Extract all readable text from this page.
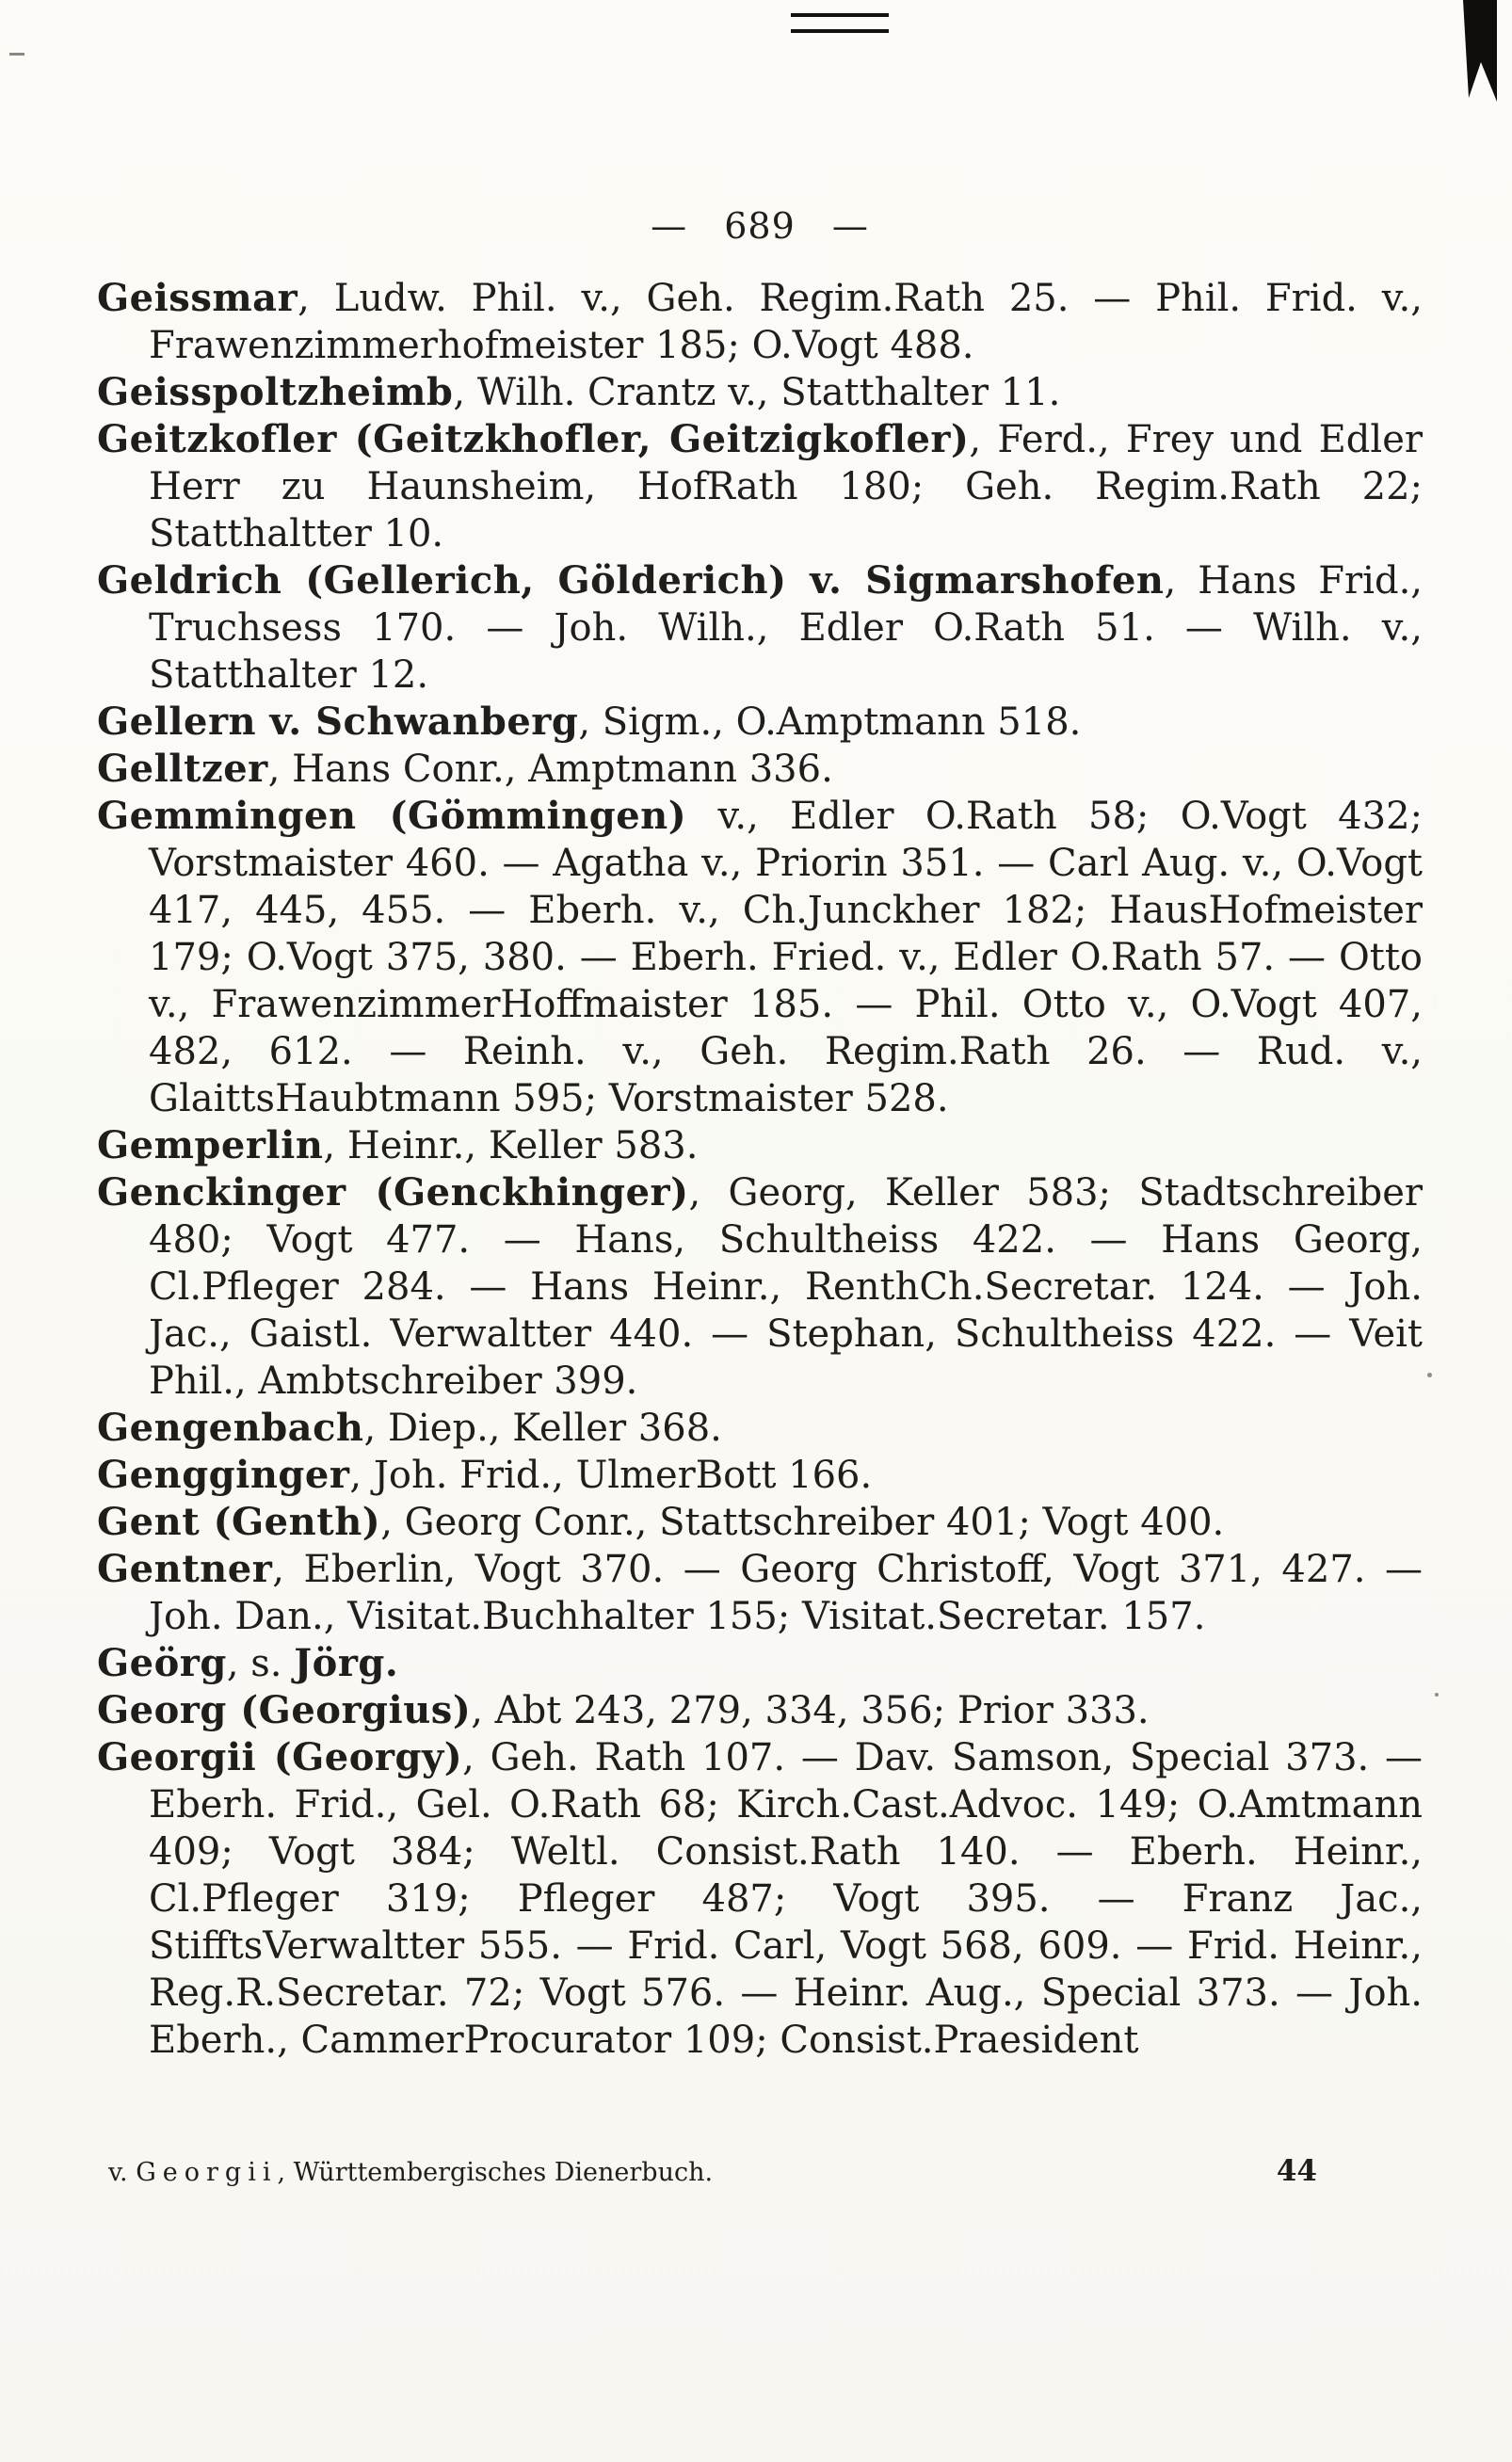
— 689 —

Geissmar, Ludw. Phil. v., Geh. Regim.Rath 25. — Phil. Frid. v., Frawenzimmerhofmeister 185; O.Vogt 488.

Geisspoltzheimb, Wilh. Crantz v., Statthalter 11.

Geitzkofler (Geitzkhofler, Geitzigkofler), Ferd., Frey und Edler Herr zu Haunsheim, HofRath 180; Geh. Regim.Rath 22; Statthaltter 10.

Geldrich (Gellerich, Gölderich) v. Sigmarshofen, Hans Frid., Truchsess 170. — Joh. Wilh., Edler O.Rath 51. — Wilh. v., Statthalter 12.

Gellern v. Schwanberg, Sigm., O.Amptmann 518.

Gelltzer, Hans Conr., Amptmann 336.

Gemmingen (Gömmingen) v., Edler O.Rath 58; O.Vogt 432; Vorstmaister 460. — Agatha v., Priorin 351. — Carl Aug. v., O.Vogt 417, 445, 455. — Eberh. v., Ch.Junckher 182; HausHofmeister 179; O.Vogt 375, 380. — Eberh. Fried. v., Edler O.Rath 57. — Otto v., FrawenzimmerHoffmaister 185. — Phil. Otto v., O.Vogt 407, 482, 612. — Reinh. v., Geh. Regim.Rath 26. — Rud. v., GlaittsHaubtmann 595; Vorstmaister 528.

Gemperlin, Heinr., Keller 583.

Genckinger (Genckhinger), Georg, Keller 583; Stadtschreiber 480; Vogt 477. — Hans, Schultheiss 422. — Hans Georg, Cl.Pfleger 284. — Hans Heinr., RenthCh.Secretar. 124. — Joh. Jac., Gaistl. Verwaltter 440. — Stephan, Schultheiss 422. — Veit Phil., Ambtschreiber 399.

Gengenbach, Diep., Keller 368.

Gengginger, Joh. Frid., UlmerBott 166.

Gent (Genth), Georg Conr., Stattschreiber 401; Vogt 400.

Gentner, Eberlin, Vogt 370. — Georg Christoff, Vogt 371, 427. — Joh. Dan., Visitat.Buchhalter 155; Visitat.Secretar. 157.

Geörg, s. Jörg.

Georg (Georgius), Abt 243, 279, 334, 356; Prior 333.

Georgii (Georgy), Geh. Rath 107. — Dav. Samson, Special 373. — Eberh. Frid., Gel. O.Rath 68; Kirch.Cast.Advoc. 149; O.Amtmann 409; Vogt 384; Weltl. Consist.Rath 140. — Eberh. Heinr., Cl.Pfleger 319; Pfleger 487; Vogt 395. — Franz Jac., StifftsVerwaltter 555. — Frid. Carl, Vogt 568, 609. — Frid. Heinr., Reg.R.Secretar. 72; Vogt 576. — Heinr. Aug., Special 373. — Joh. Eberh., CammerProcurator 109; Consist.Praesident

v. Georgii, Württembergisches Dienerbuch.	44
